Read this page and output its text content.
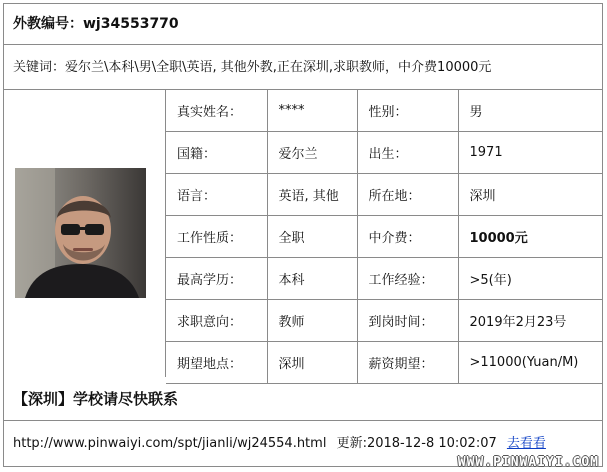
外教编号：wj34553770
关键词：爱尔兰\本科\男\全职\英语, 其他外教,正在深圳,求职教师，中介费10000元
真实姓名：	****	性别：	男
国籍：	爱尔兰	出生：	1971
语言：	英语, 其他	所在地：	深圳
工作性质：	全职	中介费：	10000元
最高学历：	本科	工作经验：	>5(年)
求职意向：	教师	到岗时间：	2019年2月23号
期望地点：	深圳	薪资期望：	>11000(Yuan/M)
【深圳】学校请尽快联系
http://www.pinwaiyi.com/spt/jianli/wj24554.html 更新:2018-12-8 10:02:07 去看看
WWW.PINWAIYI.COM
